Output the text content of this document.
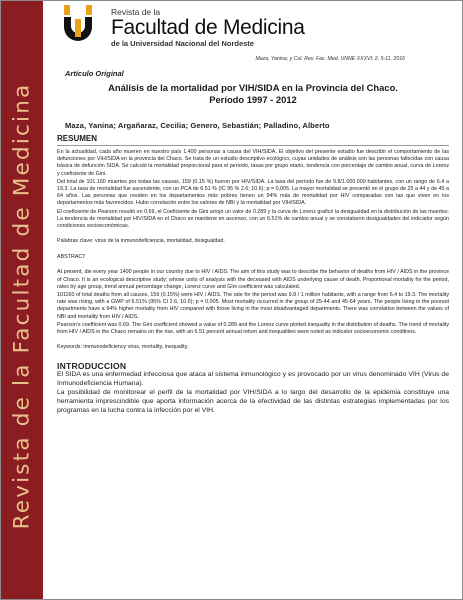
Revista de la Facultad de Medicina
Revista de la
Facultad de Medicina
de la Universidad Nacional del Nordeste
Maza, Yanina; y Col. Rev. Fac. Med. UNNE XXXVI: 2, 5-11, 2016
Artículo Original
Análisis de la mortalidad por VIH/SIDA en la Provincia del Chaco.
Período 1997 - 2012
Maza, Yanina; Argañaraz, Cecilia; Genero, Sebastián; Palladino, Alberto
RESUMEN

En la actualidad, cada año mueren en nuestro país 1.400 personas a causa del VIH/SIDA. El objetivo del presente estudio fue describir el comportamiento de las defunciones por VIH/SIDA en la provincia del Chaco. Se trata de un estudio descriptivo ecológico, cuyas unidades de análisis son las personas fallecidas con causa básica de defunción SIDA. Se calculó la mortalidad proporcional para el período, tasas por grupo etario, tendencia con porcentaje de cambio anual, curva de Lorenz y coeficiente de Gini.

Del total de 101.160 muertes por todas las causas, 159 (0.15 %) fueron por HIV/SIDA. La tasa del período fue de 9.8/1.000.000 habitantes, con un rango de 6.4 a 19.3. La tasa de mortalidad fue ascendente, con un PCA de 6.51 % (IC 95 % 2.6; 10.6); p = 0,005. La mayor mortalidad se presentó en el grupo de 25 a 44 y de 45 a 64 años. Las personas que residen en los departamentos más pobres tienen un 94% más de mortalidad por HIV comparadas con las que viven en los departamentos más favorecidos. Hubo correlación entre los valores de NBI y la mortalidad por VIH/SIDA.

El coeficiente de Pearson resultó en 0.69, el Coeficiente de Gini arrojó un valor de 0.289 y la curva de Lorenz graficó la desigualdad en la distribución de las muertes. La tendencia de mortalidad por HIV/SIDA en el Chaco se mantiene en ascenso, con un 6.51% de cambio anual y se constataron desigualdades del indicador según condiciones socioeconómicas.

Palabras clave: virus de la inmunodeficiencia, mortalidad, desigualdad.
ABSTRACT

At present, die every year 1400 people in our country due to HIV / AIDS. The aim of this study was to describe the behavior of deaths from HIV / AIDS in the province of Chaco. It is an ecological descriptive study; whose units of analysis with the deceased with AIDS underlying cause of death. Proportional mortality for the period, rates by age group, trend annual percentage change, Lorenz curve and Gini coefficient was calculated.

101160 of total deaths from all causes, 159 (0.15%) were HIV / AIDS. The rate for the period was 9.8 / 1 million habitants, with a range from 6.4 to 19.3. The mortality rate was rising, with a GWP of 6.51% (95% CI 2.6, 10.6); p = 0.005. Most mortality occurred in the group of 25-44 and 45-64 years. The people living in the poorest departments have a 94% higher mortality from HIV compared with those living in the most disadvantaged departments. There was correlation between the values of NBI and mortality from HIV / AIDS.

Pearson's coefficient was 0.69. The Gini coefficient showed a value of 0.289 and the Lorenz curve plotted inequality in the distribution of deaths. The trend of mortality from HIV / AIDS in the Chaco remains on the rise, with an 6.51 percent annual return and inequalities were noted as indicator socioeconomic conditions.

Keywords: immunodeficiency virus, mortality, inequality.
INTRODUCCION

El SIDA es una enfermedad infecciosa que ataca al sistema inmunológico y es provocado por un virus denominado VIH (Virus de Inmunodeficiencia Humana).

La posibilidad de monitorear el perfil de la mortalidad por VIH/SIDA a lo largo del desarrollo de la epidemia constituye una herramienta imprescindible que aporta información acerca de la efectividad de las distintas estrategias implementadas por los programas en la lucha contra la infección por el VIH.
